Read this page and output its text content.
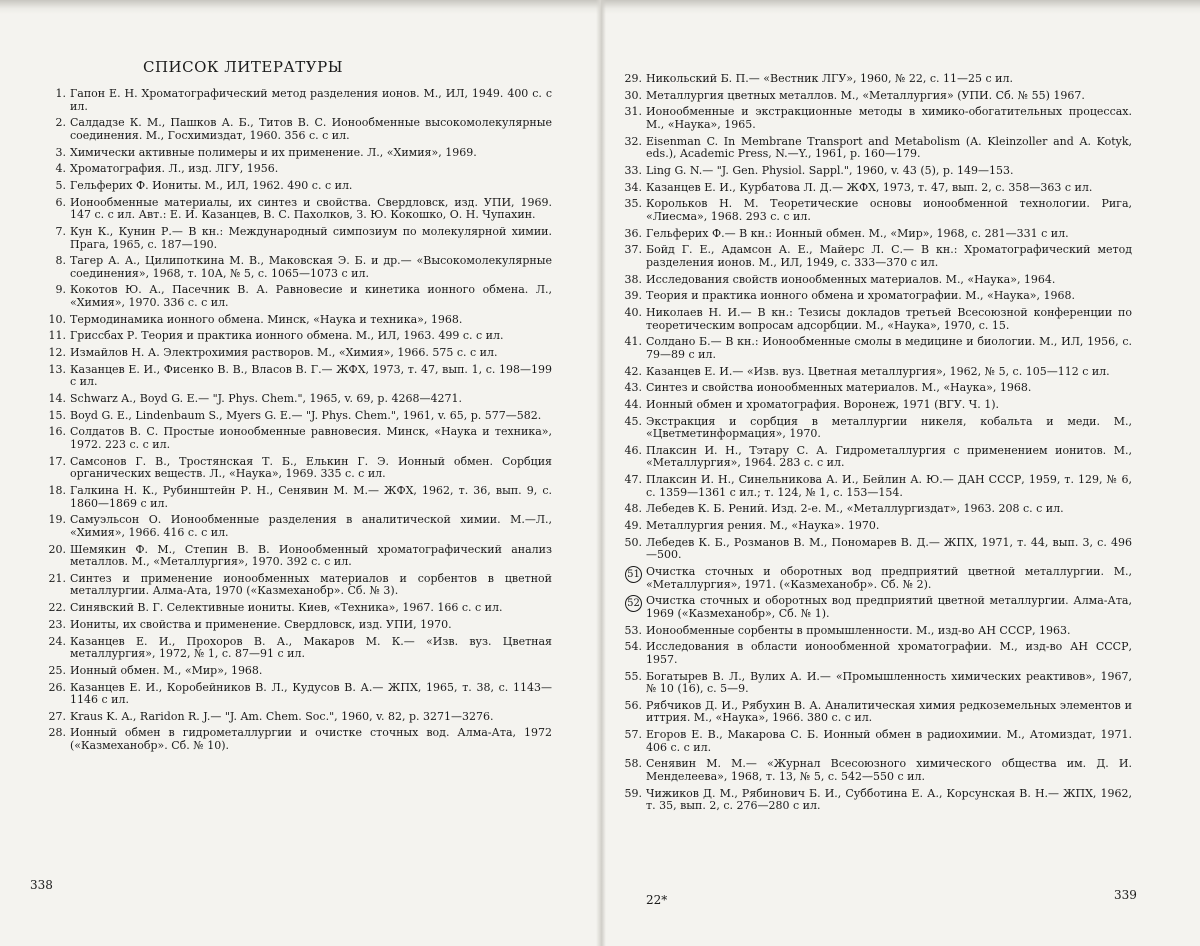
СПИСОК ЛИТЕРАТУРЫ
1. Гапон Е. Н. Хроматографический метод разделения ионов. М., ИЛ, 1949. 400 с. с ил.
2. Салдадзе К. М., Пашков А. Б., Титов В. С. Ионообменные высокомолекулярные соединения. М., Госхимиздат, 1960. 356 с. с ил.
3. Химически активные полимеры и их применение. Л., «Химия», 1969.
4. Хроматография. Л., изд. ЛГУ, 1956.
5. Гельферих Ф. Иониты. М., ИЛ, 1962. 490 с. с ил.
6. Ионообменные материалы, их синтез и свойства. Свердловск, изд. УПИ, 1969. 147 с. с ил. Авт.: Е. И. Казанцев, В. С. Пахолков, З. Ю. Кокошко, О. Н. Чупахин.
7. Кун К., Кунин Р.— В кн.: Международный симпозиум по молекулярной химии. Прага, 1965, с. 187—190.
8. Тагер А. А., Цилипоткина М. В., Маковская Э. Б. и др.— «Высокомолекулярные соединения», 1968, т. 10А, № 5, с. 1065—1073 с ил.
9. Кокотов Ю. А., Пасечник В. А. Равновесие и кинетика ионного обмена. Л., «Химия», 1970. 336 с. с ил.
10. Термодинамика ионного обмена. Минск, «Наука и техника», 1968.
11. Гриссбах Р. Теория и практика ионного обмена. М., ИЛ, 1963. 499 с. с ил.
12. Измайлов Н. А. Электрохимия растворов. М., «Химия», 1966. 575 с. с ил.
13. Казанцев Е. И., Фисенко В. В., Власов В. Г.— ЖФХ, 1973, т. 47, вып. 1, с. 198—199 с ил.
14. Schwarz A., Boyd G. E.— "J. Phys. Chem.", 1965, v. 69, p. 4268—4271.
15. Boyd G. E., Lindenbaum S., Myers G. E.— "J. Phys. Chem.", 1961, v. 65, p. 577—582.
16. Солдатов В. С. Простые ионообменные равновесия. Минск, «Наука и техника», 1972. 223 с. с ил.
17. Самсонов Г. В., Тростянская Т. Б., Елькин Г. Э. Ионный обмен. Сорбция органических веществ. Л., «Наука», 1969. 335 с. с ил.
18. Галкина Н. К., Рубинштейн Р. Н., Сенявин М. М.— ЖФХ, 1962, т. 36, вып. 9, с. 1860—1869 с ил.
19. Самуэльсон О. Ионообменные разделения в аналитической химии. М.—Л., «Химия», 1966. 416 с. с ил.
20. Шемякин Ф. М., Степин В. В. Ионообменный хроматографический анализ металлов. М., «Металлургия», 1970. 392 с. с ил.
21. Синтез и применение ионообменных материалов и сорбентов в цветной металлургии. Алма-Ата, 1970 («Казмеханобр». Сб. № 3).
22. Синявский В. Г. Селективные иониты. Киев, «Техника», 1967. 166 с. с ил.
23. Иониты, их свойства и применение. Свердловск, изд. УПИ, 1970.
24. Казанцев Е. И., Прохоров В. А., Макаров М. К.— «Изв. вуз. Цветная металлургия», 1972, № 1, с. 87—91 с ил.
25. Ионный обмен. М., «Мир», 1968.
26. Казанцев Е. И., Коробейников В. Л., Кудусов В. А.— ЖПХ, 1965, т. 38, с. 1143—1146 с ил.
27. Kraus K. A., Raridon R. J.— "J. Am. Chem. Soc.", 1960, v. 82, p. 3271—3276.
28. Ионный обмен в гидрометаллургии и очистке сточных вод. Алма-Ата, 1972 («Казмеханобр». Сб. № 10).
338
29. Никольский Б. П.— «Вестник ЛГУ», 1960, № 22, с. 11—25 с ил.
30. Металлургия цветных металлов. М., «Металлургия» (УПИ. Сб. № 55) 1967.
31. Ионообменные и экстракционные методы в химико-обогатительных процессах. М., «Наука», 1965.
32. Eisenman C. In Membrane Transport and Metabolism (A. Kleinzoller and A. Kotyk, eds.), Academic Press, N.—Y., 1961, p. 160—179.
33. Ling G. N.— "J. Gen. Physiol. Sappl.", 1960, v. 43 (5), p. 149—153.
34. Казанцев Е. И., Курбатова Л. Д.— ЖФХ, 1973, т. 47, вып. 2, с. 358—363 с ил.
35. Корольков Н. М. Теоретические основы ионообменной технологии. Рига, «Лиесма», 1968. 293 с. с ил.
36. Гельферих Ф.— В кн.: Ионный обмен. М., «Мир», 1968, с. 281—331 с ил.
37. Бойд Г. Е., Адамсон А. Е., Майерс Л. С.— В кн.: Хроматографический метод разделения ионов. М., ИЛ, 1949, с. 333—370 с ил.
38. Исследования свойств ионообменных материалов. М., «Наука», 1964.
39. Теория и практика ионного обмена и хроматографии. М., «Наука», 1968.
40. Николаев Н. И.— В кн.: Тезисы докладов третьей Всесоюзной конференции по теоретическим вопросам адсорбции. М., «Наука», 1970, с. 15.
41. Солдано Б.— В кн.: Ионообменные смолы в медицине и биологии. М., ИЛ, 1956, с. 79—89 с ил.
42. Казанцев Е. И.— «Изв. вуз. Цветная металлургия», 1962, № 5, с. 105—112 с ил.
43. Синтез и свойства ионообменных материалов. М., «Наука», 1968.
44. Ионный обмен и хроматография. Воронеж, 1971 (ВГУ. Ч. 1).
45. Экстракция и сорбция в металлургии никеля, кобальта и меди. М., «Цветметинформация», 1970.
46. Плаксин И. Н., Тэтару С. А. Гидрометаллургия с применением ионитов. М., «Металлургия», 1964. 283 с. с ил.
47. Плаксин И. Н., Синельникова А. И., Бейлин А. Ю.— ДАН СССР, 1959, т. 129, № 6, с. 1359—1361 с ил.; т. 124, № 1, с. 153—154.
48. Лебедев К. Б. Рений. Изд. 2-е. М., «Металлургиздат», 1963. 208 с. с ил.
49. Металлургия рения. М., «Наука». 1970.
50. Лебедев К. Б., Розманов В. М., Пономарев В. Д.— ЖПХ, 1971, т. 44, вып. 3, с. 496—500.
51 Очистка сточных и оборотных вод предприятий цветной металлургии. М., «Металлургия», 1971. («Казмеханобр». Сб. № 2).
52 Очистка сточных и оборотных вод предприятий цветной металлургии. Алма-Ата, 1969 («Казмеханобр», Сб. № 1).
53. Ионообменные сорбенты в промышленности. М., изд-во АН СССР, 1963.
54. Исследования в области ионообменной хроматографии. М., изд-во АН СССР, 1957.
55. Богатырев В. Л., Вулих А. И.— «Промышленность химических реактивов», 1967, № 10 (16), с. 5—9.
56. Рябчиков Д. И., Рябухин В. А. Аналитическая химия редкоземельных элементов и иттрия. М., «Наука», 1966. 380 с. с ил.
57. Егоров Е. В., Макарова С. Б. Ионный обмен в радиохимии. М., Атомиздат, 1971. 406 с. с ил.
58. Сенявин М. М.— «Журнал Всесоюзного химического общества им. Д. И. Менделеева», 1968, т. 13, № 5, с. 542—550 с ил.
59. Чижиков Д. М., Рябинович Б. И., Субботина Е. А., Корсунская В. Н.— ЖПХ, 1962, т. 35, вып. 2, с. 276—280 с ил.
22*	339
